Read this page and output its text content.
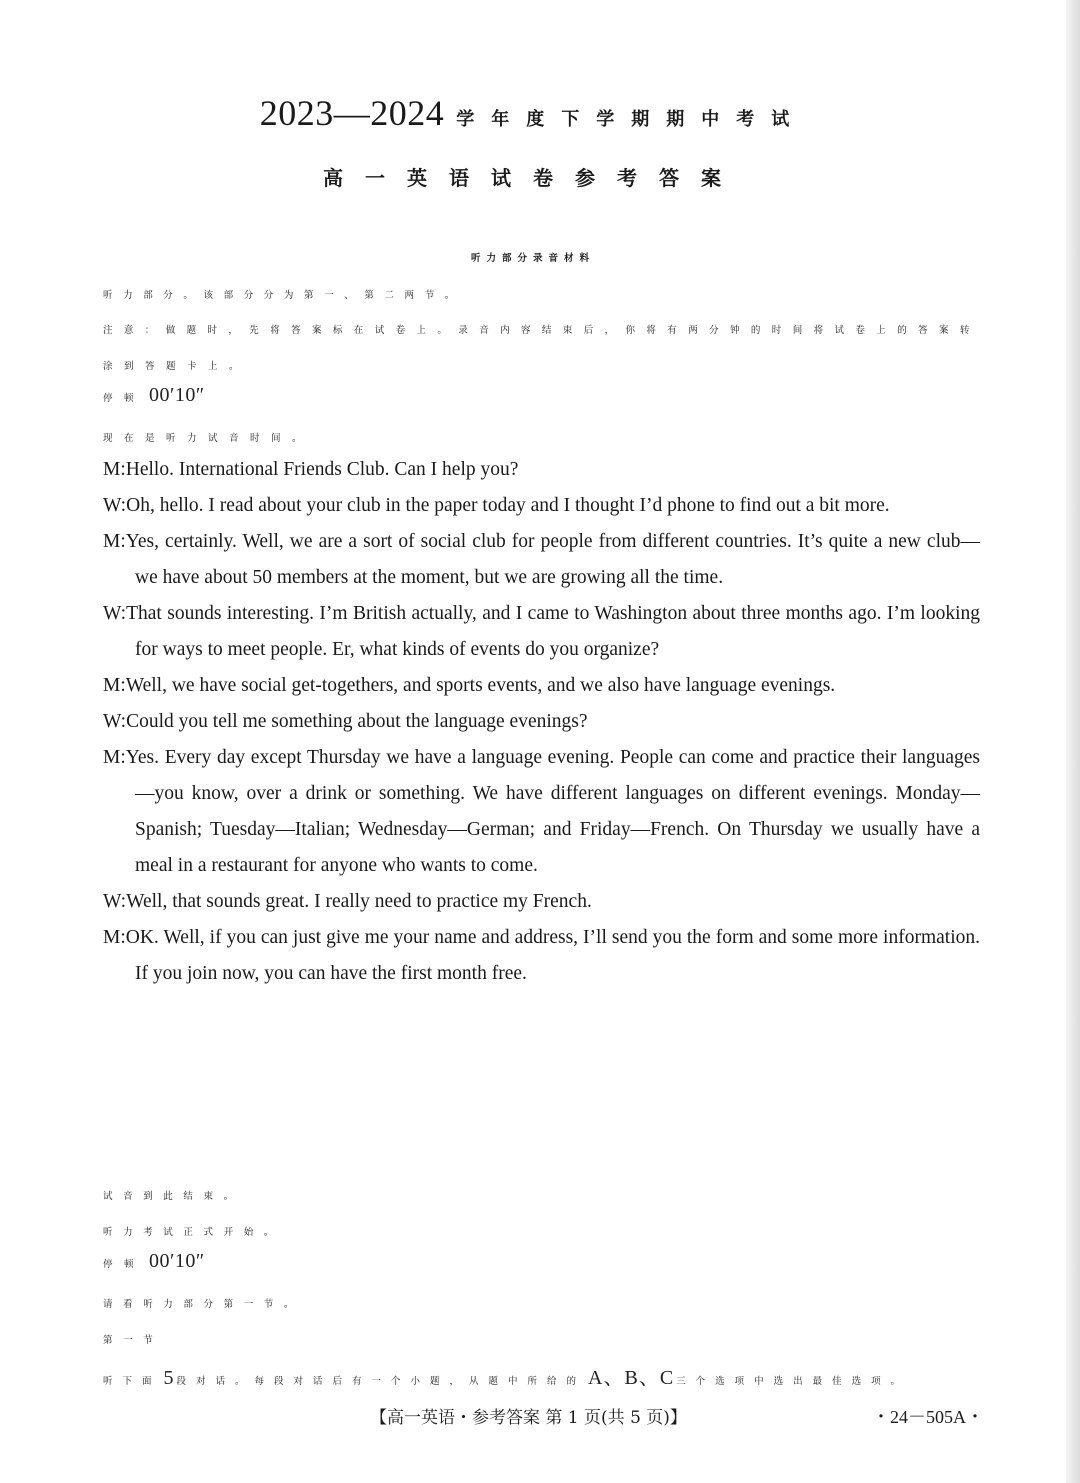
2023—2024 学年度下学期期中考试
高一英语试卷参考答案
听力部分录音材料
听力部分。该部分分为第一、第二两节。
注意：做题时，先将答案标在试卷上。录音内容结束后，你将有两分钟的时间将试卷上的答案转
涂到答题卡上。
停顿 00′10″
现在是听力试音时间。

M:Hello. International Friends Club. Can I help you?

W:Oh, hello. I read about your club in the paper today and I thought I’d phone to find out a bit more.

M:Yes, certainly. Well, we are a sort of social club for people from different countries. It’s quite a new club—we have about 50 members at the moment, but we are growing all the time.

W:That sounds interesting. I’m British actually, and I came to Washington about three months ago. I’m looking for ways to meet people. Er, what kinds of events do you organize?

M:Well, we have social get-togethers, and sports events, and we also have language evenings.

W:Could you tell me something about the language evenings?

M:Yes. Every day except Thursday we have a language evening. People can come and practice their languages—you know, over a drink or something. We have different languages on different evenings. Monday—Spanish; Tuesday—Italian; Wednesday—German; and Friday—French. On Thursday we usually have a meal in a restaurant for anyone who wants to come.

W:Well, that sounds great. I really need to practice my French.

M:OK. Well, if you can just give me your name and address, I’ll send you the form and some more information. If you join now, you can have the first month free.

试音到此结束。
听力考试正式开始。
停顿 00′10″
请看听力部分第一节。
第一节
听下面 5 段对话。每段对话后有一个小题，从题中所给的 A、B、C 三个选项中选出最佳选项。
【高一英语・参考答案 第 1 页(共 5 页)】	・24－505A・
